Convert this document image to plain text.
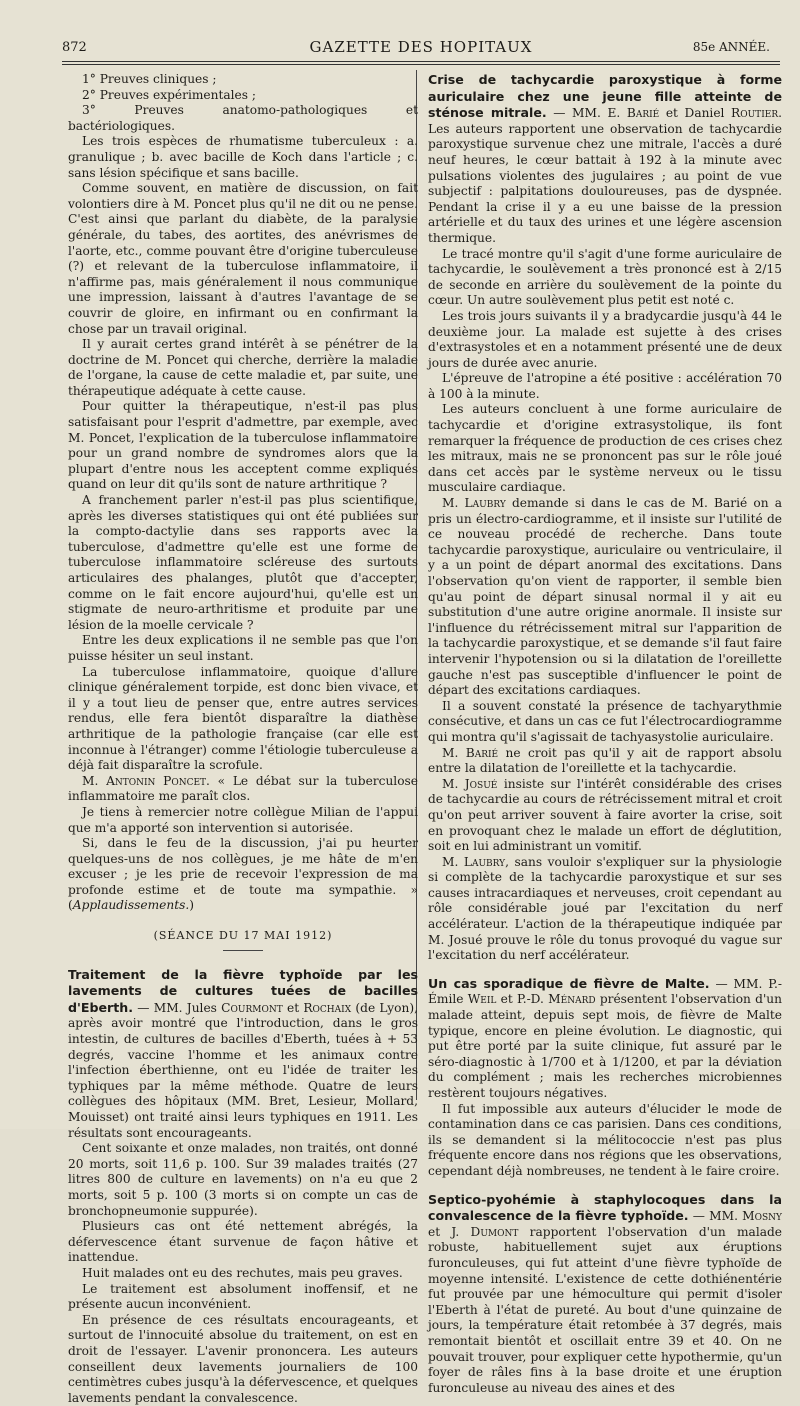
872	GAZETTE DES HOPITAUX	85e ANNÉE.

1° Preuves cliniques ;

2° Preuves expérimentales ;

3° Preuves anatomo-pathologiques et bactériologiques.

Les trois espèces de rhumatisme tuberculeux : a. granulique ; b. avec bacille de Koch dans l'article ; c. sans lésion spécifique et sans bacille.

Comme souvent, en matière de discussion, on fait volontiers dire à M. Poncet plus qu'il ne dit ou ne pense. C'est ainsi que parlant du diabète, de la paralysie générale, du tabes, des aortites, des anévrismes de l'aorte, etc., comme pouvant être d'origine tuberculeuse (?) et relevant de la tuberculose inflammatoire, il n'affirme pas, mais généralement il nous communique une impression, laissant à d'autres l'avantage de se couvrir de gloire, en infirmant ou en confirmant la chose par un travail original.

Il y aurait certes grand intérêt à se pénétrer de la doctrine de M. Poncet qui cherche, derrière la maladie de l'organe, la cause de cette maladie et, par suite, une thérapeutique adéquate à cette cause.

Pour quitter la thérapeutique, n'est-il pas plus satisfaisant pour l'esprit d'admettre, par exemple, avec M. Poncet, l'explication de la tuberculose inflammatoire pour un grand nombre de syndromes alors que la plupart d'entre nous les acceptent comme expliqués quand on leur dit qu'ils sont de nature arthritique ?

A franchement parler n'est-il pas plus scientifique, après les diverses statistiques qui ont été publiées sur la compto-dactylie dans ses rapports avec la tuberculose, d'admettre qu'elle est une forme de tuberculose inflammatoire scléreuse des surtouts articulaires des phalanges, plutôt que d'accepter, comme on le fait encore aujourd'hui, qu'elle est un stigmate de neuro-arthritisme et produite par une lésion de la moelle cervicale ?

Entre les deux explications il ne semble pas que l'on puisse hésiter un seul instant.

La tuberculose inflammatoire, quoique d'allure clinique généralement torpide, est donc bien vivace, et il y a tout lieu de penser que, entre autres services rendus, elle fera bientôt disparaître la diathèse arthritique de la pathologie française (car elle est inconnue à l'étranger) comme l'étiologie tuberculeuse a déjà fait disparaître la scrofule.

M. Antonin Poncet. « Le débat sur la tuberculose inflammatoire me paraît clos.

Je tiens à remercier notre collègue Milian de l'appui que m'a apporté son intervention si autorisée.

Si, dans le feu de la discussion, j'ai pu heurter quelques-uns de nos collègues, je me hâte de m'en excuser ; je les prie de recevoir l'expression de ma profonde estime et de toute ma sympathie. » (Applaudissements.)

(SÉANCE DU 17 MAI 1912)

Traitement de la fièvre typhoïde par les lavements de cultures tuées de bacilles d'Eberth. — MM. Jules Courmont et Rochaix (de Lyon), après avoir montré que l'introduction, dans le gros intestin, de cultures de bacilles d'Eberth, tuées à + 53 degrés, vaccine l'homme et les animaux contre l'infection éberthienne, ont eu l'idée de traiter les typhiques par la même méthode. Quatre de leurs collègues des hôpitaux (MM. Bret, Lesieur, Mollard, Mouisset) ont traité ainsi leurs typhiques en 1911. Les résultats sont encourageants.

Cent soixante et onze malades, non traités, ont donné 20 morts, soit 11,6 p. 100. Sur 39 malades traités (27 litres 800 de culture en lavements) on n'a eu que 2 morts, soit 5 p. 100 (3 morts si on compte un cas de bronchopneumonie suppurée).

Plusieurs cas ont été nettement abrégés, la défervescence étant survenue de façon hâtive et inattendue.

Huit malades ont eu des rechutes, mais peu graves.

Le traitement est absolument inoffensif, et ne présente aucun inconvénient.

En présence de ces résultats encourageants, et surtout de l'innocuité absolue du traitement, on est en droit de l'essayer. L'avenir prononcera. Les auteurs conseillent deux lavements journaliers de 100 centimètres cubes jusqu'à la défervescence, et quelques lavements pendant la convalescence.

Crise de tachycardie paroxystique à forme auriculaire chez une jeune fille atteinte de sténose mitrale. — MM. E. Barié et Daniel Routier. Les auteurs rapportent une observation de tachycardie paroxystique survenue chez une mitrale, l'accès a duré neuf heures, le cœur battait à 192 à la minute avec pulsations violentes des jugulaires ; au point de vue subjectif : palpitations douloureuses, pas de dyspnée. Pendant la crise il y a eu une baisse de la pression artérielle et du taux des urines et une légère ascension thermique.

Le tracé montre qu'il s'agit d'une forme auriculaire de tachycardie, le soulèvement a très prononcé est à 2/15 de seconde en arrière du soulèvement de la pointe du cœur. Un autre soulèvement plus petit est noté c.

Les trois jours suivants il y a bradycardie jusqu'à 44 le deuxième jour. La malade est sujette à des crises d'extrasystoles et en a notamment présenté une de deux jours de durée avec anurie.

L'épreuve de l'atropine a été positive : accélération 70 à 100 à la minute.

Les auteurs concluent à une forme auriculaire de tachycardie et d'origine extrasystolique, ils font remarquer la fréquence de production de ces crises chez les mitraux, mais ne se prononcent pas sur le rôle joué dans cet accès par le système nerveux ou le tissu musculaire cardiaque.

M. Laubry demande si dans le cas de M. Barié on a pris un électro-cardiogramme, et il insiste sur l'utilité de ce nouveau procédé de recherche. Dans toute tachycardie paroxystique, auriculaire ou ventriculaire, il y a un point de départ anormal des excitations. Dans l'observation qu'on vient de rapporter, il semble bien qu'au point de départ sinusal normal il y ait eu substitution d'une autre origine anormale. Il insiste sur l'influence du rétrécissement mitral sur l'apparition de la tachycardie paroxystique, et se demande s'il faut faire intervenir l'hypotension ou si la dilatation de l'oreillette gauche n'est pas susceptible d'influencer le point de départ des excitations cardiaques.

Il a souvent constaté la présence de tachyarythmie consécutive, et dans un cas ce fut l'électrocardiogramme qui montra qu'il s'agissait de tachyasystolie auriculaire.

M. Barié ne croit pas qu'il y ait de rapport absolu entre la dilatation de l'oreillette et la tachycardie.

M. Josué insiste sur l'intérêt considérable des crises de tachycardie au cours de rétrécissement mitral et croit qu'on peut arriver souvent à faire avorter la crise, soit en provoquant chez le malade un effort de déglutition, soit en lui administrant un vomitif.

M. Laubry, sans vouloir s'expliquer sur la physiologie si complète de la tachycardie paroxystique et sur ses causes intracardiaques et nerveuses, croit cependant au rôle considérable joué par l'excitation du nerf accélérateur. L'action de la thérapeutique indiquée par M. Josué prouve le rôle du tonus provoqué du vague sur l'excitation du nerf accélérateur.

Un cas sporadique de fièvre de Malte. — MM. P.-Émile Weil et P.-D. Ménard présentent l'observation d'un malade atteint, depuis sept mois, de fièvre de Malte typique, encore en pleine évolution. Le diagnostic, qui put être porté par la suite clinique, fut assuré par le séro-diagnostic à 1/700 et à 1/1200, et par la déviation du complément ; mais les recherches microbiennes restèrent toujours négatives.

Il fut impossible aux auteurs d'élucider le mode de contamination dans ce cas parisien. Dans ces conditions, ils se demandent si la mélitococcie n'est pas plus fréquente encore dans nos régions que les observations, cependant déjà nombreuses, ne tendent à le faire croire.

Septico-pyohémie à staphylocoques dans la convalescence de la fièvre typhoïde. — MM. Mosny et J. Dumont rapportent l'observation d'un malade robuste, habituellement sujet aux éruptions furonculeuses, qui fut atteint d'une fièvre typhoïde de moyenne intensité. L'existence de cette dothiénentérie fut prouvée par une hémoculture qui permit d'isoler l'Eberth à l'état de pureté. Au bout d'une quinzaine de jours, la température était retombée à 37 degrés, mais remontait bientôt et oscillait entre 39 et 40. On ne pouvait trouver, pour expliquer cette hypothermie, qu'un foyer de râles fins à la base droite et une éruption furonculeuse au niveau des aines et des
